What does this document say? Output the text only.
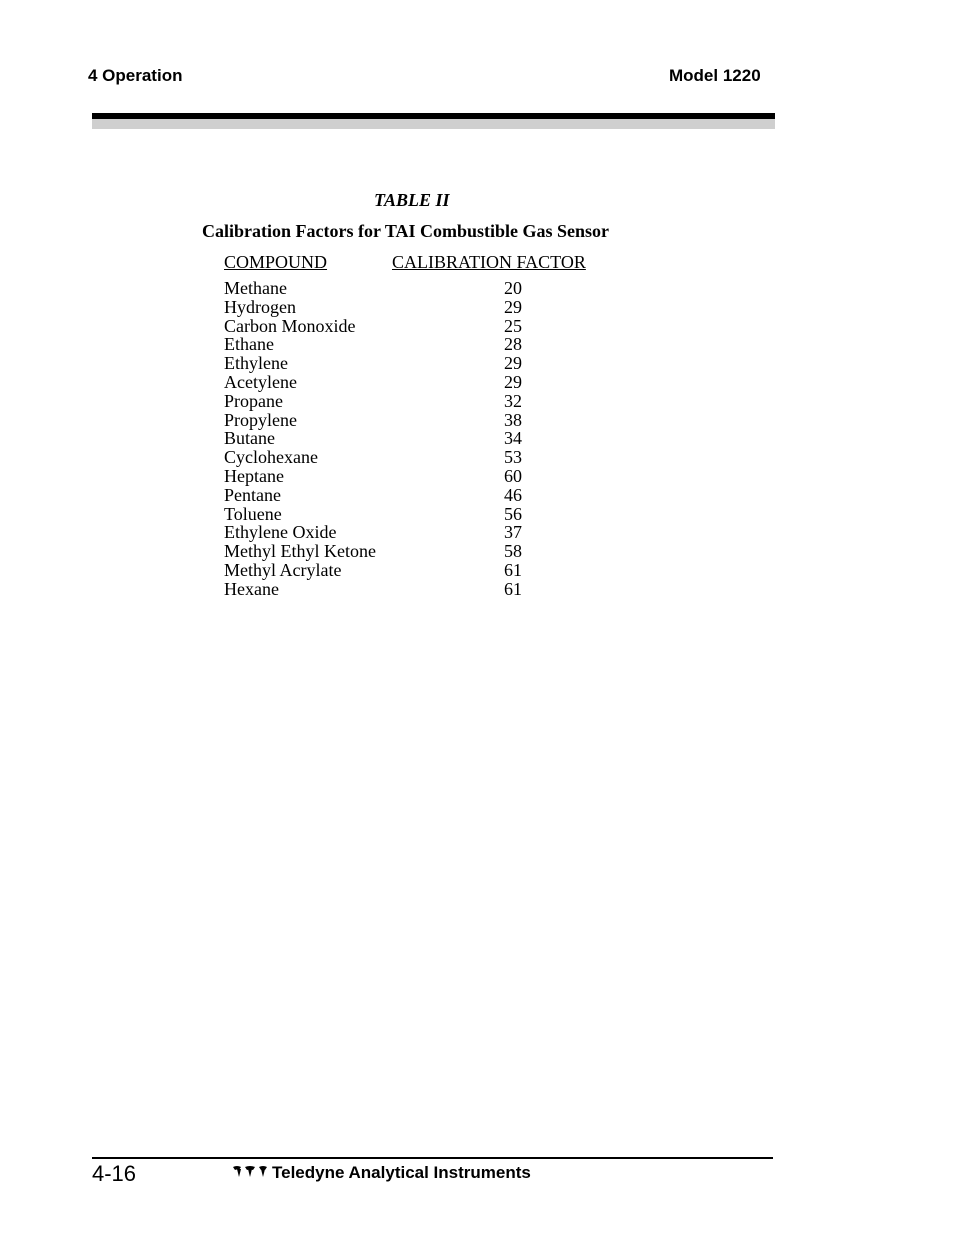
4 Operation	Model 1220
TABLE II
Calibration Factors for TAI Combustible Gas Sensor
COMPOUND	CALIBRATION FACTOR
Methane	20
Hydrogen	29
Carbon Monoxide	25
Ethane	28
Ethylene	29
Acetylene	29
Propane	32
Propylene	38
Butane	34
Cyclohexane	53
Heptane	60
Pentane	46
Toluene	56
Ethylene Oxide	37
Methyl Ethyl Ketone	58
Methyl Acrylate	61
Hexane	61
4-16	Teledyne Analytical Instruments
